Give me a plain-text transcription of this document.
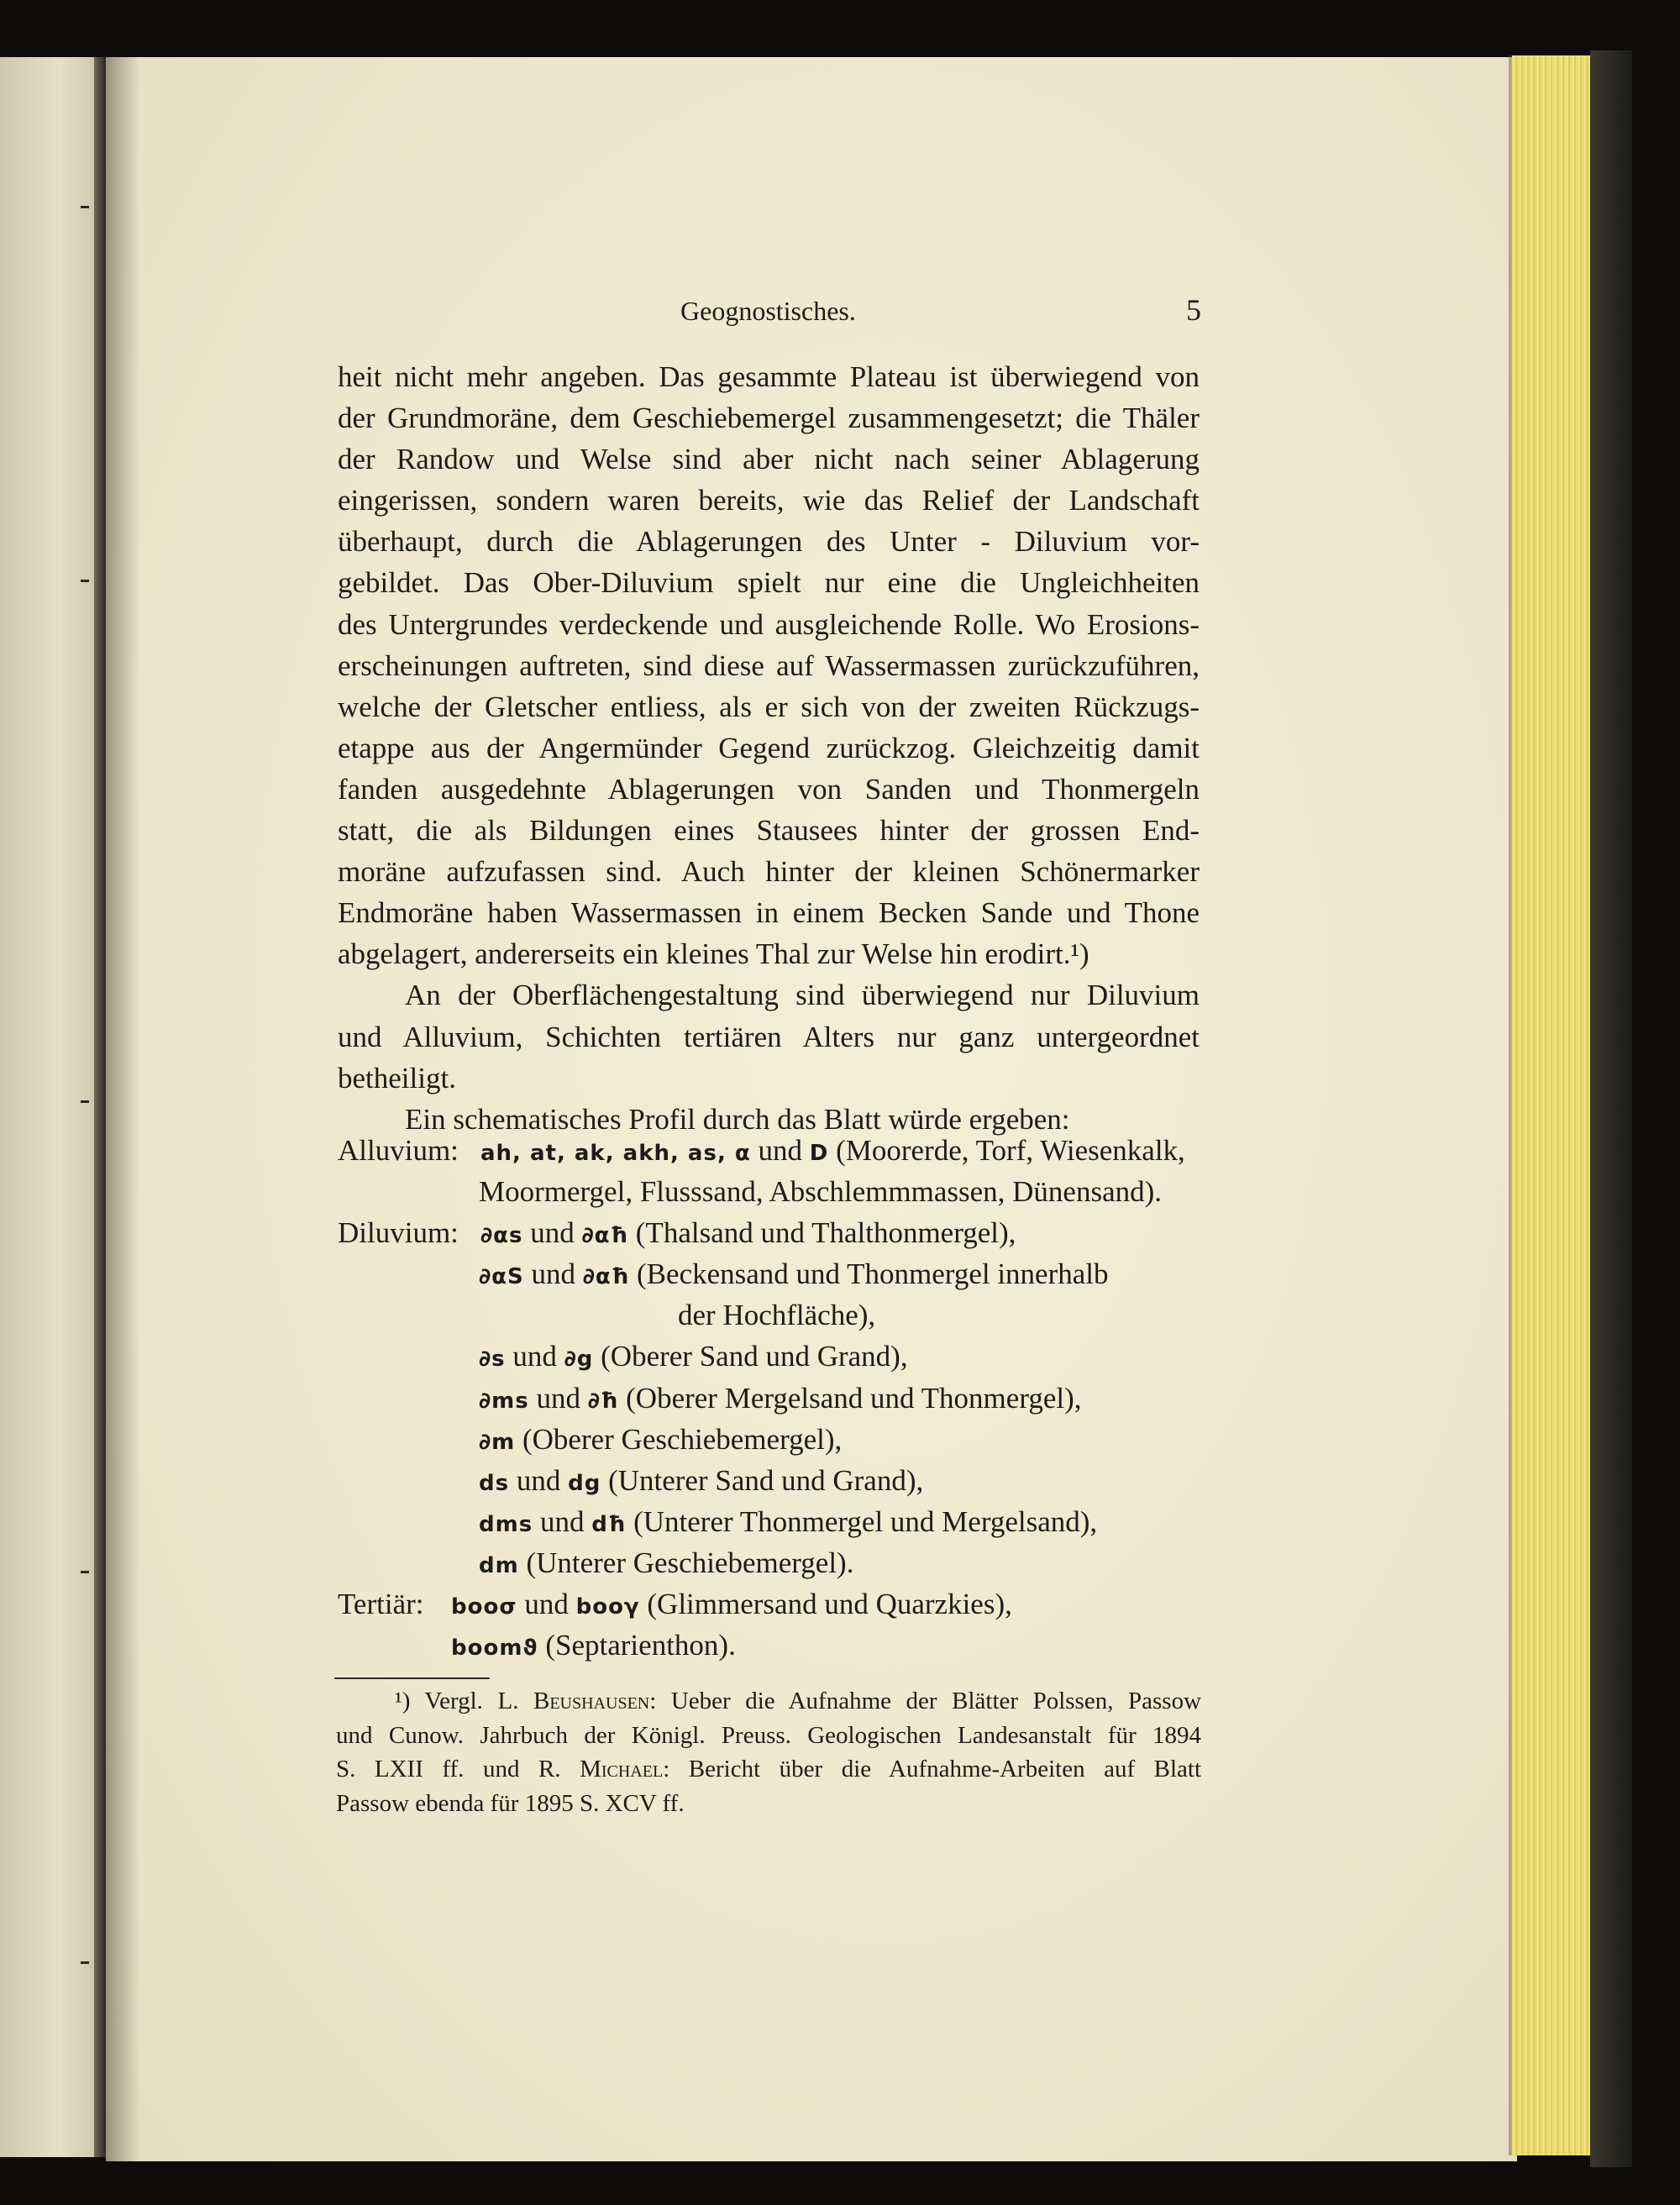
Geognostisches.	5
heit nicht mehr angeben. Das gesammte Plateau ist überwiegend von
der Grundmoräne, dem Geschiebemergel zusammengesetzt; die Thäler
der Randow und Welse sind aber nicht nach seiner Ablagerung
eingerissen, sondern waren bereits, wie das Relief der Landschaft
überhaupt, durch die Ablagerungen des Unter - Diluvium vor-
gebildet. Das Ober-Diluvium spielt nur eine die Ungleichheiten
des Untergrundes verdeckende und ausgleichende Rolle. Wo Erosions-
erscheinungen auftreten, sind diese auf Wassermassen zurückzuführen,
welche der Gletscher entliess, als er sich von der zweiten Rückzugs-
etappe aus der Angermünder Gegend zurückzog. Gleichzeitig damit
fanden ausgedehnte Ablagerungen von Sanden und Thonmergeln
statt, die als Bildungen eines Stausees hinter der grossen End-
moräne aufzufassen sind. Auch hinter der kleinen Schönermarker
Endmoräne haben Wassermassen in einem Becken Sande und Thone
abgelagert, andererseits ein kleines Thal zur Welse hin erodirt.¹)
An der Oberflächengestaltung sind überwiegend nur Diluvium
und Alluvium, Schichten tertiären Alters nur ganz untergeordnet
betheiligt.
Ein schematisches Profil durch das Blatt würde ergeben:
Alluvium: ah, at, ak, akh, as, α und D (Moorerde, Torf, Wiesenkalk,
Moormergel, Flusssand, Abschlemmmassen, Dünensand).
Diluvium: ∂αs und ∂αħ (Thalsand und Thalthonmergel),
∂αS und ∂αħ (Beckensand und Thonmergel innerhalb
der Hochfläche),
∂s und ∂g (Oberer Sand und Grand),
∂ms und ∂ħ (Oberer Mergelsand und Thonmergel),
∂m (Oberer Geschiebemergel),
ds und dg (Unterer Sand und Grand),
dms und dħ (Unterer Thonmergel und Mergelsand),
dm (Unterer Geschiebemergel).
Tertiär: booσ und booγ (Glimmersand und Quarzkies),
boomϑ (Septarienthon).
¹) Vergl. L. Beushausen: Ueber die Aufnahme der Blätter Polssen, Passow
und Cunow. Jahrbuch der Königl. Preuss. Geologischen Landesanstalt für 1894
S. LXII ff. und R. Michael: Bericht über die Aufnahme-Arbeiten auf Blatt
Passow ebenda für 1895 S. XCV ff.
